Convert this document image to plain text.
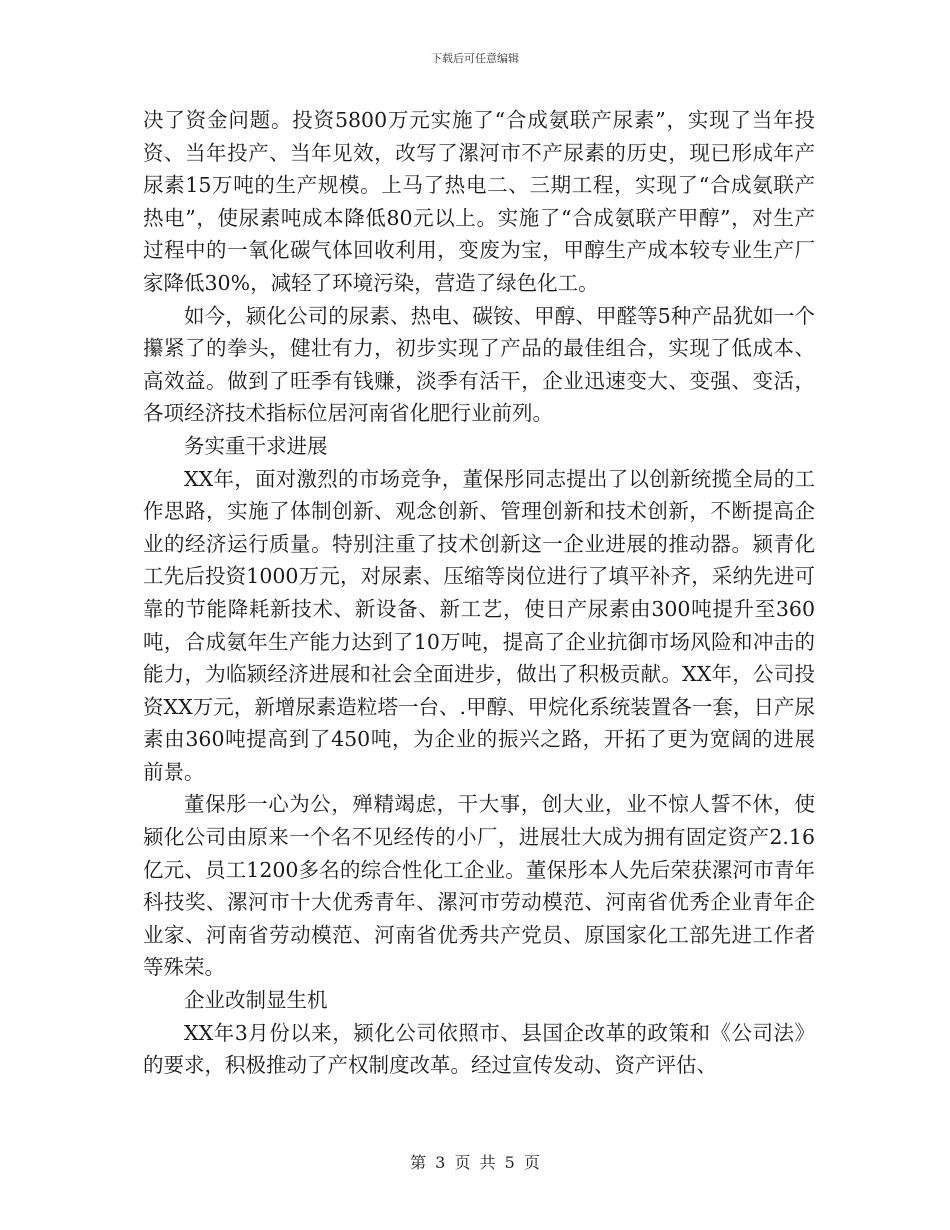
下载后可任意编辑

决了资金问题。投资5800万元实施了“合成氨联产尿素”，实现了当年投资、当年投产、当年见效，改写了漯河市不产尿素的历史，现已形成年产尿素15万吨的生产规模。上马了热电二、三期工程，实现了“合成氨联产热电”，使尿素吨成本降低80元以上。实施了“合成氨联产甲醇”，对生产过程中的一氧化碳气体回收利用，变废为宝，甲醇生产成本较专业生产厂家降低30%，减轻了环境污染，营造了绿色化工。

如今，颍化公司的尿素、热电、碳铵、甲醇、甲醛等5种产品犹如一个攥紧了的拳头，健壮有力，初步实现了产品的最佳组合，实现了低成本、高效益。做到了旺季有钱赚，淡季有活干，企业迅速变大、变强、变活，各项经济技术指标位居河南省化肥行业前列。

务实重干求进展

XX年，面对激烈的市场竞争，董保彤同志提出了以创新统揽全局的工作思路，实施了体制创新、观念创新、管理创新和技术创新，不断提高企业的经济运行质量。特别注重了技术创新这一企业进展的推动器。颍青化工先后投资1000万元，对尿素、压缩等岗位进行了填平补齐，采纳先进可靠的节能降耗新技术、新设备、新工艺，使日产尿素由300吨提升至360吨，合成氨年生产能力达到了10万吨，提高了企业抗御市场风险和冲击的能力，为临颍经济进展和社会全面进步，做出了积极贡献。XX年，公司投资XX万元，新增尿素造粒塔一台、.甲醇、甲烷化系统装置各一套，日产尿素由360吨提高到了450吨，为企业的振兴之路，开拓了更为宽阔的进展前景。

董保彤一心为公，殚精竭虑，干大事，创大业，业不惊人誓不休，使颍化公司由原来一个名不见经传的小厂，进展壮大成为拥有固定资产2.16亿元、员工1200多名的综合性化工企业。董保彤本人先后荣获漯河市青年科技奖、漯河市十大优秀青年、漯河市劳动模范、河南省优秀企业青年企业家、河南省劳动模范、河南省优秀共产党员、原国家化工部先进工作者等殊荣。

企业改制显生机

XX年3月份以来，颍化公司依照市、县国企改革的政策和《公司法》的要求，积极推动了产权制度改革。经过宣传发动、资产评估、

第 3 页 共 5 页
